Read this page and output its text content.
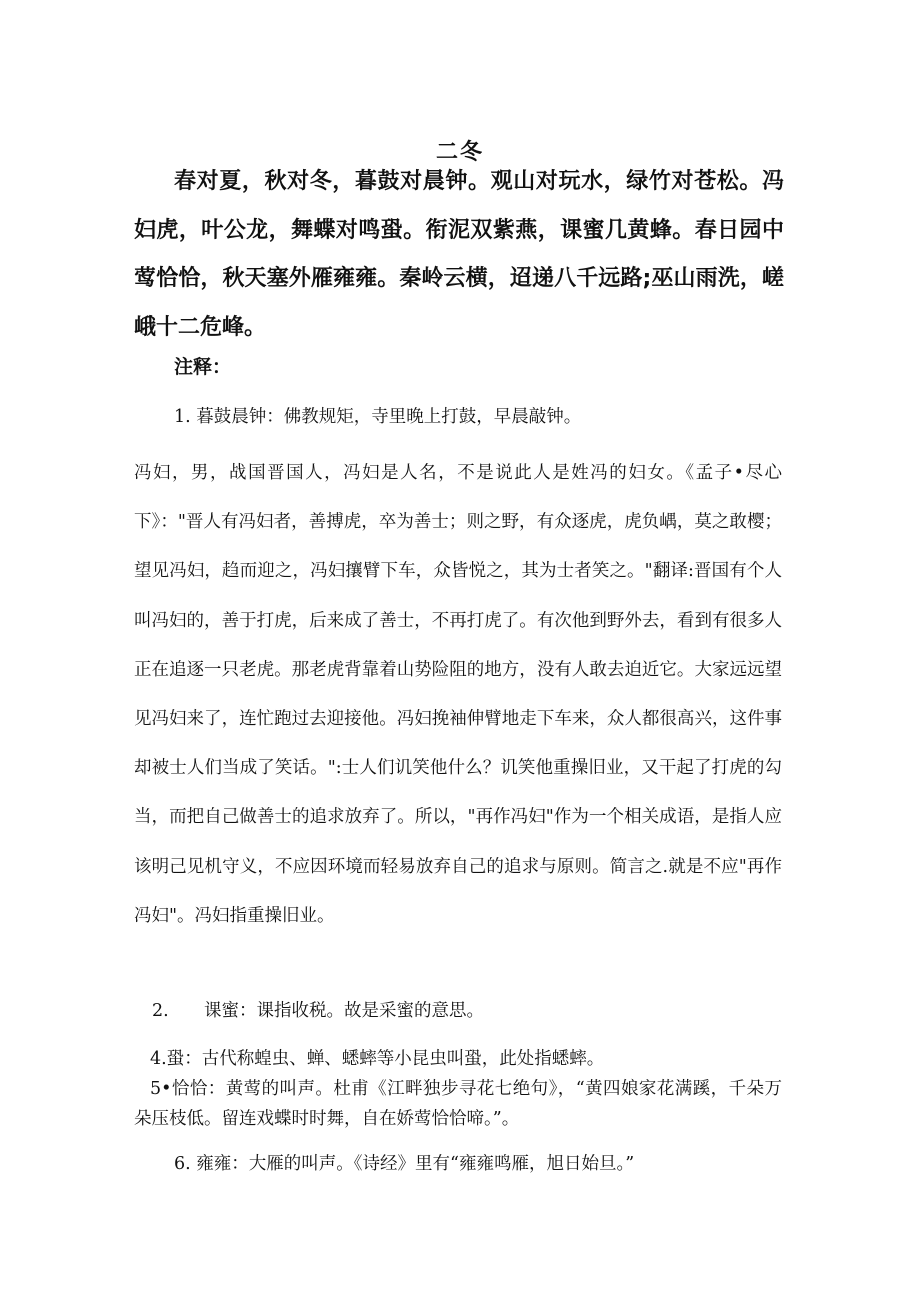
二冬

春对夏，秋对冬，暮鼓对晨钟。观山对玩水，绿竹对苍松。冯妇虎，叶公龙，舞蝶对鸣蛩。衔泥双紫燕，课蜜几黄蜂。春日园中莺恰恰，秋天塞外雁雍雍。秦岭云横，迢递八千远路;巫山雨洗，嵯峨十二危峰。

注释：

1. 暮鼓晨钟：佛教规矩，寺里晚上打鼓，早晨敲钟。

冯妇，男，战国晋国人，冯妇是人名，不是说此人是姓冯的妇女。《孟子•尽心下》："晋人有冯妇者，善搏虎，卒为善士；则之野，有众逐虎，虎负嵎，莫之敢樱；望见冯妇，趋而迎之，冯妇攘臂下车，众皆悦之，其为士者笑之。"翻译:晋国有个人叫冯妇的，善于打虎，后来成了善士，不再打虎了。有次他到野外去，看到有很多人正在追逐一只老虎。那老虎背靠着山势险阻的地方，没有人敢去迫近它。大家远远望见冯妇来了，连忙跑过去迎接他。冯妇挽袖伸臂地走下车来，众人都很高兴，这件事却被士人们当成了笑话。":士人们讥笑他什么？讥笑他重操旧业，又干起了打虎的勾当，而把自己做善士的追求放弃了。所以，"再作冯妇"作为一个相关成语，是指人应该明己见机守义，不应因环境而轻易放弃自己的追求与原则。简言之.就是不应"再作冯妇"。冯妇指重操旧业。

2. 课蜜：课指收税。故是采蜜的意思。

4.蛩：古代称蝗虫、蝉、蟋蟀等小昆虫叫蛩，此处指蟋蟀。

5•恰恰：黄莺的叫声。杜甫《江畔独步寻花七绝句》，“黄四娘家花满蹊，千朵万朵压枝低。留连戏蝶时时舞，自在娇莺恰恰啼。”。

6. 雍雍：大雁的叫声。《诗经》里有“雍雍鸣雁，旭日始旦。”
